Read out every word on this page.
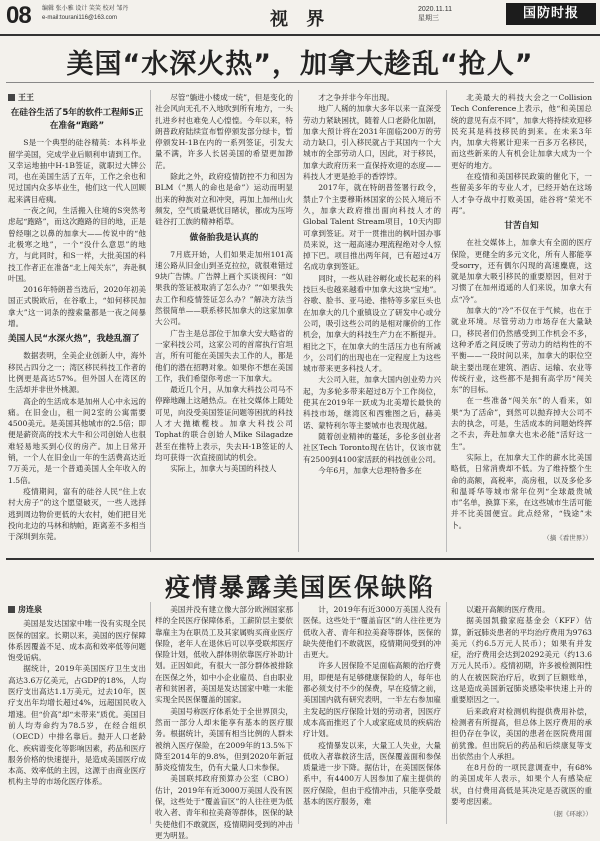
08 编辑 张小雅 设计 笑笑 校对 邹丹
e-mail:tourani116@163.com	视 界	2020.11.11
星期三	国防时报
美国“水深火热”，加拿大趁乱“抢人”
王王
在硅谷生活了5年的软件工程师S正在准备“跑路”

S是一个典型的硅谷精英：本科毕业留学美国，完成学业后顺利申请到工作。又幸运地抽中H-1B签证，就职过大牌公司，也在美国生活了五年，工作之余也和见过国内众多毕业生，他们这一代人回顾起来满目疮痍。

一夜之间，生活搬入住境的S突然考虑起“跑路”，而这次跑路的目的地，正是曾经嗤之以鼻的加拿大——传说中的“他北极寒之地”，一个“没什么意思”的地方，与此同时，和S一样，大批美国的科技工作者正在准备“北上闯关东”，奔赴枫叶国。

2016年特朗普当选后，2020年初美国正式脱欧后，在谷歌上，“如何移民加拿大”这一词条的搜索量都是一夜之间暴增。

美国人民“水深火热”，我趁乱溜了

数据表明，全美企业创新人中，海外移民占四分之一；湾区移民科技工作者的比例更是高达57%。但外国人在湾区的生活却并非世外桃源。

高企的生活成本是加州人心中永远的痛。在旧金山，租一间2室的公寓需要4500美元。是美国其他城市的2.5倍；即便是薪资高的技术大牛和公司创始人也很难轻易地买到心仪的房产。加上日常开销，一个人在旧金山一年的生活费高达近7万美元，是一个普通美国人全年收入的1.5倍。

疫情期间，富有的硅谷人民“住上农村大房子”的这个愿望破灭，一些人选择逃到周边物价更低的大农村，她们把目光投向北边的马林和纳帕，距离差不多相当于深圳到东莞。

尽管“躺进小楼成一统”，但是变化的社会风向无孔不入地吹到所有地方，一头扎进乡村也难免人心惶惶。今年以来，特朗普政府陆续宣布暂停颁发部分绿卡，暂停颁发H-1B在内的一系列签证，引发大量不满，许多人长居美国的希望更加渺茫。

除此之外，政府疫情防控不力和因为BLM（“黑人的命也是命”）运动而明显出来的种族对立和冲突，再加上加州山火频发，空气质量堪忧目睹状，都成为压垮硅谷打工族的精神稻草。

做备胎我是认真的

7月底开始，人们如果走加州101高速公路从旧金山到圣克拉拉，就很难错过9块广告牌。广告牌上画个买谈视问：“如果我的签证被取消了怎么办？”“如果我失去工作和疫情签证怎么办？”解决方法当然很简单——联系移民加拿大的这家加拿大公司。

广告主是总部位于加拿大安大略省的一家科技公司，这家公司的首席执行官坦言，所有可能在美国失去工作的人，都是他们的潜在招聘对象。如果你不想在美国工作，我们希望你考虑一下加拿大。

最近几个月，从加拿大科技公司马不停蹄地蹦上这趟热点。在社交媒体上随处可见，向没受美国签证问题等困扰的科技人才大抛橄榄枝。加拿大科技公司Tophat的联合创始人Mike Silagadze甚至在推特上表示，失去H-1B签证的人均可获得一次直接面试的机会。

实际上，加拿大与美国的科技人

才之争并非今年出现。

地广人稀的加拿大多年以来一直深受劳动力紧缺困扰，随着人口老龄化加剧，加拿大预计将在2031年面临200万的劳动力缺口，引入移民就占于其国内一个大城市的全部劳动人口，因此，对于移民，加拿大政府历来一直保持欢迎的态度——科技人才更是抢手的香饽饽。

2017年，就在特朗普签署行政令，禁止7个主要穆斯林国家的公民入境后不久，加拿大政府推出面向科技人才的Global Talent Stream项目，10天内即可拿到签证。对于一贯推出的枫叶国办事员来说，这一超高速办理流程绝对令人惊掉下巴。项目推出两年间，已有超过4万名成功拿到签证。

同时，一些从硅谷孵化或长起来的科技巨头也越来越看中加拿大这块“宝地”。谷歌、脸书、亚马逊、推特等多家巨头也在加拿大的几个重镇设立了研发中心或分公司，吸引这些公司的是相对廉价的工作机会，加拿大的科技生产力在不断提升。相比之下，在加拿大的生活压力也有所减少，公司们的出现也在一定程度上为这些城市带来更多科技人才。

大公司入驻，加拿大国内创业势力兴起，为多轮多带来超过8万个工作岗位，使其在2019年一跃成为北美增长最快的科技市场，继湾区和西雅图之后，赫美诺、蒙特利尔等主要城市也表现优越。

随着创业精神的蔓延，多伦多创业者社区Tech Toronto现在估计，仅该市就有2500到4100家活跃的科技创业公司。

今年6月，加拿大总理特鲁多在

北美最大的科技大会之一Collision Tech Conference上表示，他“和美国总统的意见有点不同”，加拿大将持续欢迎移民充其是科技移民的到来。在未来3年内，加拿大将累计迎来一百多万名移民，而这些新来的人有机会让加拿大成为一个更好的地方。

在疫情和美国移民政策的催化下，一些留美多年的专业人才，已经开始在这场人才争夺战中打败美国，硅谷将“荣光不再”。

甘苦自知

在社交媒体上，加拿大有全面的医疗保险，更健全的多元文化，所有人都能享受sorry，还有偶尔闪现的高速麋鹿，这就是加拿大吸引移民的重要原因，但对于习惯了在加州逍遥的人们来说，加拿大有点“冷”。

加拿大的“冷”不仅在于气候，也在于就业环境。尽管劳动力市场存在大量缺口，移民者们仍然感受到工作机会不多，这种矛盾之间反映了劳动力的结构性的不平衡——一段时间以来，加拿大的职位空缺主要出现在建筑、酒店、运输、农业等传统行业，这些都不是拥有高学历“闯关东”的目标。

在一些准备“闯关东”的人看来，如果“为了活命”，到然可以抛弃掉大公司不去的执念，可是，生活成本的问题始终挥之不去，奔赴加拿大也未必能“活好这一生”。

实际上，在加拿大工作的薪水比美国略低，日常消费却不低。为了维持整个生命的高额，高税率，高房租，以及多伦多和温哥华等城市常年位列“全球最贵城市”名单，换算下来，在这些城市生活可能并不比美国便宜。此点经常，“钱途”未卜。

（摘《看世界》）
疫情暴露美国医保缺陷
房连泉

美国是发达国家中唯一没有实现全民医保的国家。长期以来，美国的医疗保障体系因覆盖不足、成本高和效率低等问题饱受诟病。

据统计，2019年美国医疗卫生支出高达3.6万亿美元，占GDP的18%，人均医疗支出高达1.1万美元，过去10年，医疗支出年均增长超过4%，远超国民收入增速。但“价高”却“未带来”质优。美国目前人均寿命约为78.5岁，在经合组织（OECD）中排名靠后。抛开人口老龄化、疾病谱变化等影响因素，药品和医疗服务价格的快速提升，是造成美国医疗成本高、效率低的主因，这源于由商业医疗机构主导的市场化医疗体系。

美国并没有建立像大部分欧洲国家那样的全民医疗保障体系，工薪阶层主要依靠雇主为在职员工及其家属购买商业医疗保险，老年人在退休后可以享受联邦医疗保险计划，低收入群体则依靠医疗补助计划。正因如此，有很大一部分群体被排除在医保之外，如中小企业雇员、自由职业者和贫困者，美国是发达国家中唯一未能实现全民医保覆盖的国家。

美国号称医疗体系处于全世界顶尖，然而一部分人却未能享有基本的医疗服务。根据统计，美国有相当比例的人群未被纳入医疗保险，在2009年的13.5%下降至2014年的9.8%，但到2020年新冠肺炎疫情发生，仍有大量人口未参保。

美国联邦政府预算办公室（CBO）估计，2019年有近3000万美国人没有医保，这些处于“覆盖盲区”的人往往更为低收入者、青年和拉美裔等群体，医保的缺失使他们不敢就医，疫情期间受到的冲击更为明显。

计，2019年有近3000万美国人没有医保。这些处于“覆盖盲区”的人往往更为低收入者、青年和拉美裔等群体，医保的缺失使他们不敢就医，疫情期间受到的冲击更大。

许多人因保险不足面临高额的治疗费用，即便是有足够健康保险的人，每年也都必须支付不少的保费，早在疫情之前，美国国内就有研究表明，一半左右参加雇主发起的医疗保险计划的劳动者，因医疗成本高而推迟了个人或家庭成员的疾病治疗计划。

疫情暴发以来，大量工人失业，大量低收入者靠救济生活，医保覆盖面和参保质量进一步下降。据估计，在美国医保体系中，有4400万人因参加了雇主提供的医疗保险，但由于疫情冲击，只能享受最基本的医疗服务，难

以避开高额的医疗费用。

据美国凯撒家庭基金会（KFF）估算，新冠肺炎患者的平均治疗费用为9763美元（约6.5万元人民币）；如果有并发症，治疗费用会达到20292美元（约13.6万元人民币）。疫情初期，许多被检测阳性的人在被医院治疗后，收到了巨额账单，这是造成美国新冠肺炎感染率快速上升的重要原因之一。

后来政府对检测机构提供费用补偿，检测者有所提高，但总体上医疗费用的承担仍存在争议，美国的患者在医院费用面前犹豫。但出院后的药品和后续康复等支出依然由个人承担。

在8月份的一项民意调查中，有68%的美国成年人表示，如果个人有感染症状，自付费用高低是其决定是否就医的重要考虑因素。

（据《环球》）
